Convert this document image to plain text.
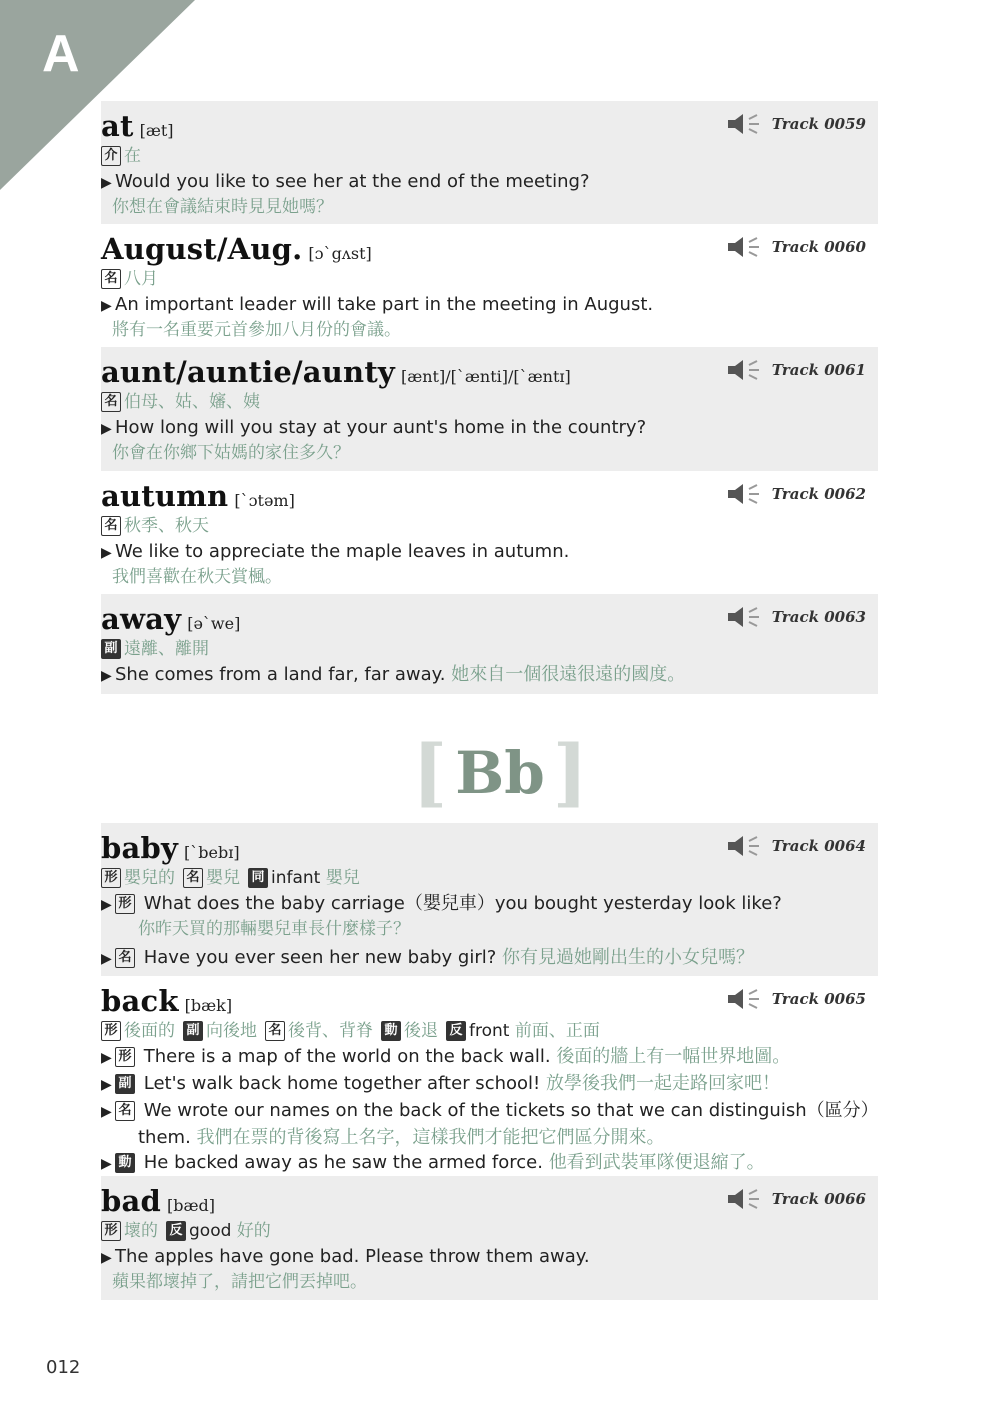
A
at [æt]	Track 0059
介 在
▶ Would you like to see her at the end of the meeting?
你想在會議結束時見見她嗎？
August/Aug. [ɔ`gʌst]	Track 0060
名 八月
▶ An important leader will take part in the meeting in August.
將有一名重要元首參加八月份的會議。
aunt/auntie/aunty [ænt]/[`ænti]/[`æntɪ]	Track 0061
名 伯母、姑、嬸、姨
▶ How long will you stay at your aunt's home in the country?
你會在你鄉下姑媽的家住多久？
autumn [`ɔtəm]	Track 0062
名 秋季、秋天
▶ We like to appreciate the maple leaves in autumn.
我們喜歡在秋天賞楓。
away [ə`we]	Track 0063
副 遠離、離開
▶ She comes from a land far, far away. 她來自一個很遠很遠的國度。
[ Bb ]
baby [`bebɪ]	Track 0064
形 嬰兒的 名 嬰兒 同 infant 嬰兒
▶ 形 What does the baby carriage（嬰兒車）you bought yesterday look like?
你昨天買的那輛嬰兒車長什麼樣子？
▶ 名 Have you ever seen her new baby girl? 你有見過她剛出生的小女兒嗎？
back [bæk]	Track 0065
形 後面的 副 向後地 名 後背、背脊 動 後退 反 front 前面、正面
▶ 形 There is a map of the world on the back wall. 後面的牆上有一幅世界地圖。
▶ 副 Let's walk back home together after school! 放學後我們一起走路回家吧！
▶ 名 We wrote our names on the back of the tickets so that we can distinguish（區分）
them. 我們在票的背後寫上名字，這樣我們才能把它們區分開來。
▶ 動 He backed away as he saw the armed force. 他看到武裝軍隊便退縮了。
bad [bæd]	Track 0066
形 壞的 反 good 好的
▶ The apples have gone bad. Please throw them away.
蘋果都壞掉了，請把它們丟掉吧。
012
